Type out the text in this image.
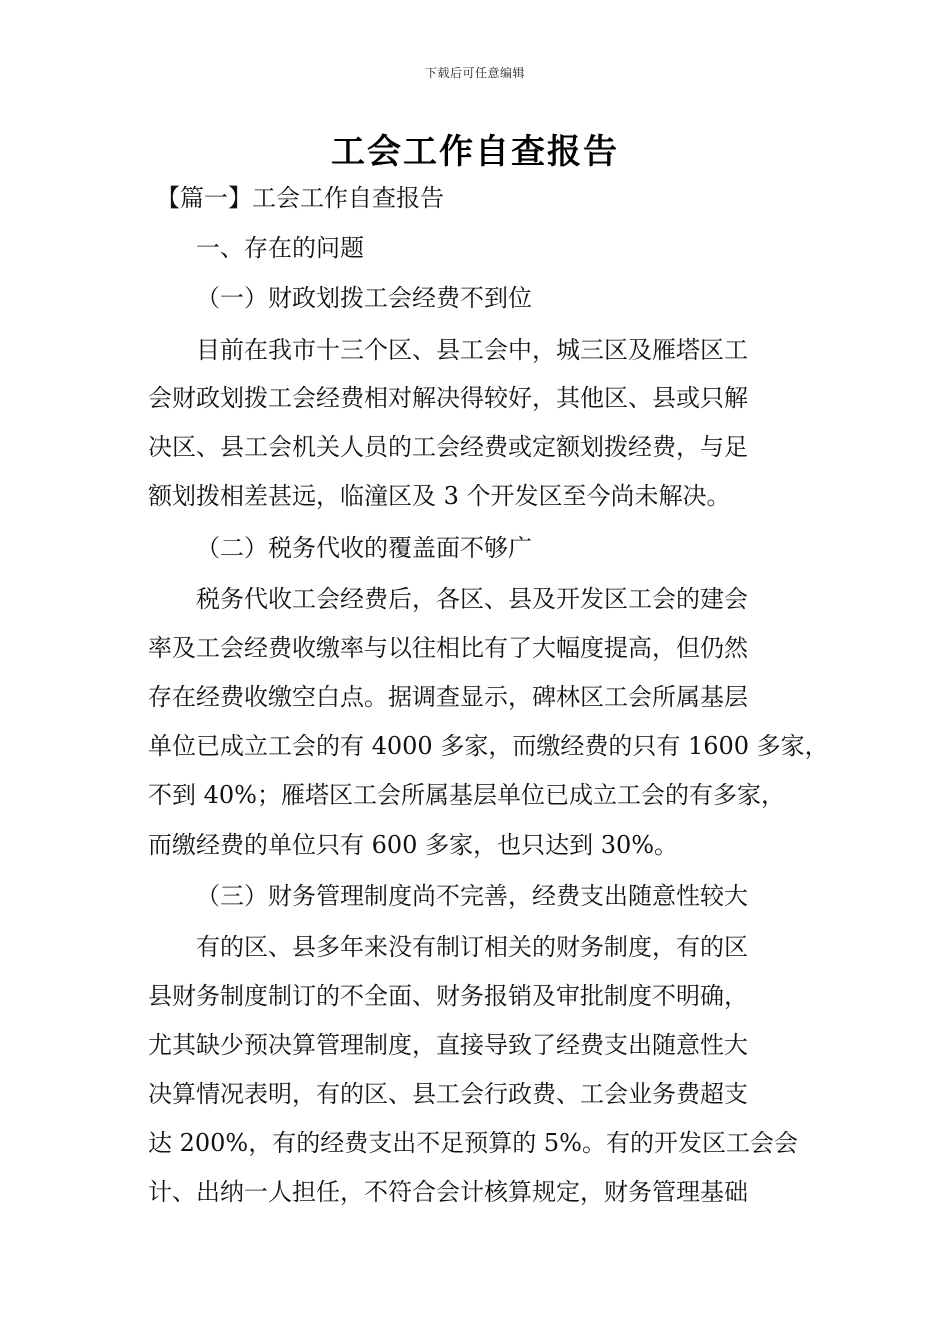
下载后可任意编辑
工会工作自查报告
【篇一】工会工作自查报告
一、存在的问题
（一）财政划拨工会经费不到位
目前在我市十三个区、县工会中，城三区及雁塔区工
会财政划拨工会经费相对解决得较好，其他区、县或只解
决区、县工会机关人员的工会经费或定额划拨经费，与足
额划拨相差甚远，临潼区及 3 个开发区至今尚未解决。
（二）税务代收的覆盖面不够广
税务代收工会经费后，各区、县及开发区工会的建会
率及工会经费收缴率与以往相比有了大幅度提高，但仍然
存在经费收缴空白点。据调查显示，碑林区工会所属基层
单位已成立工会的有 4000 多家，而缴经费的只有 1600 多家，
不到 40%；雁塔区工会所属基层单位已成立工会的有多家，
而缴经费的单位只有 600 多家，也只达到 30%。
（三）财务管理制度尚不完善，经费支出随意性较大
有的区、县多年来没有制订相关的财务制度，有的区
县财务制度制订的不全面、财务报销及审批制度不明确，
尤其缺少预决算管理制度，直接导致了经费支出随意性大
决算情况表明，有的区、县工会行政费、工会业务费超支
达 200%，有的经费支出不足预算的 5%。有的开发区工会会
计、出纳一人担任，不符合会计核算规定，财务管理基础
